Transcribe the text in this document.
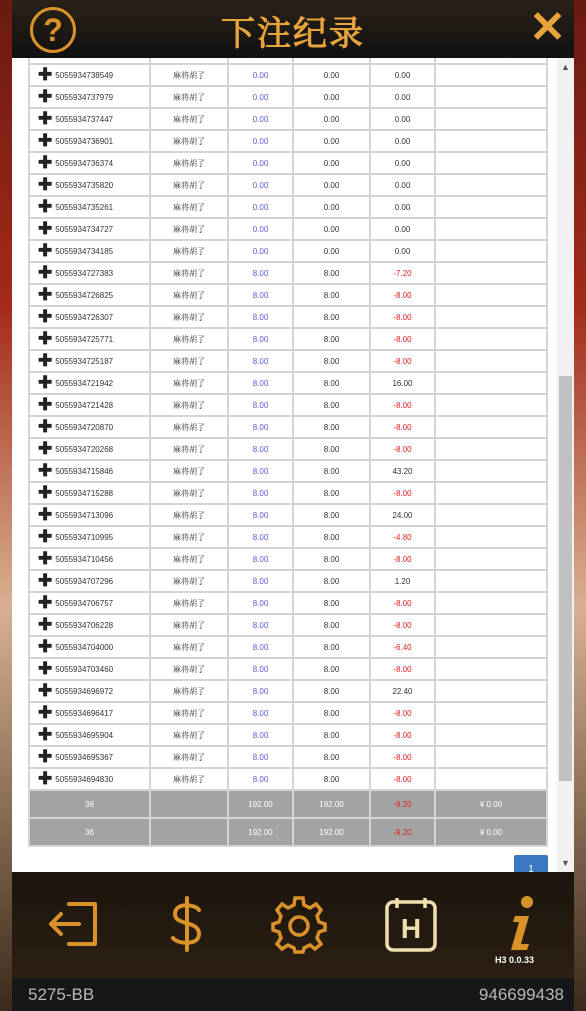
?	下注纪录	✕

✚ 5055934738549	麻将胡了	0.00	0.00	0.00	
✚ 5055934737979	麻将胡了	0.00	0.00	0.00	
✚ 5055934737447	麻将胡了	0.00	0.00	0.00	
✚ 5055934736901	麻将胡了	0.00	0.00	0.00	
✚ 5055934736374	麻将胡了	0.00	0.00	0.00	
✚ 5055934735820	麻将胡了	0.00	0.00	0.00	
✚ 5055934735261	麻将胡了	0.00	0.00	0.00	
✚ 5055934734727	麻将胡了	0.00	0.00	0.00	
✚ 5055934734185	麻将胡了	0.00	0.00	0.00	
✚ 5055934727383	麻将胡了	8.00	8.00	-7.20	
✚ 5055934726825	麻将胡了	8.00	8.00	-8.00	
✚ 5055934726307	麻将胡了	8.00	8.00	-8.00	
✚ 5055934725771	麻将胡了	8.00	8.00	-8.00	
✚ 5055934725187	麻将胡了	8.00	8.00	-8.00	
✚ 5055934721942	麻将胡了	8.00	8.00	16.00	
✚ 5055934721428	麻将胡了	8.00	8.00	-8.00	
✚ 5055934720870	麻将胡了	8.00	8.00	-8.00	
✚ 5055934720268	麻将胡了	8.00	8.00	-8.00	
✚ 5055934715846	麻将胡了	8.00	8.00	43.20	
✚ 5055934715288	麻将胡了	8.00	8.00	-8.00	
✚ 5055934713096	麻将胡了	8.00	8.00	24.00	
✚ 5055934710995	麻将胡了	8.00	8.00	-4.80	
✚ 5055934710456	麻将胡了	8.00	8.00	-8.00	
✚ 5055934707296	麻将胡了	8.00	8.00	1.20	
✚ 5055934706757	麻将胡了	8.00	8.00	-8.00	
✚ 5055934706228	麻将胡了	8.00	8.00	-8.00	
✚ 5055934704000	麻将胡了	8.00	8.00	-6.40	
✚ 5055934703460	麻将胡了	8.00	8.00	-8.00	
✚ 5055934696972	麻将胡了	8.00	8.00	22.40	
✚ 5055934696417	麻将胡了	8.00	8.00	-8.00	
✚ 5055934695904	麻将胡了	8.00	8.00	-8.00	
✚ 5055934695367	麻将胡了	8.00	8.00	-8.00	
✚ 5055934694830	麻将胡了	8.00	8.00	-8.00	
36		192.00	192.00	-9.20	¥ 0.00
36		192.00	192.00	-9.20	¥ 0.00
1
▲
▼
H
H3 0.0.33
5275-BB	946699438
